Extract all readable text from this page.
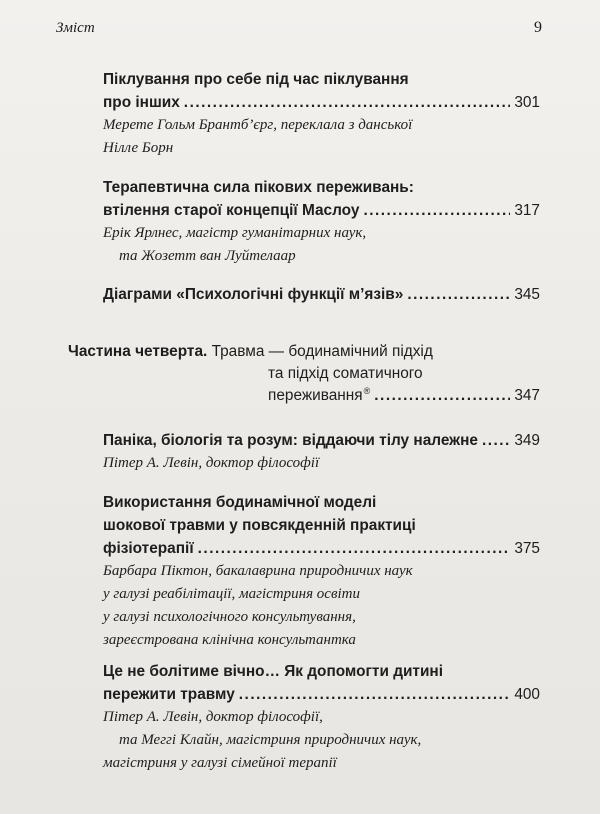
Зміст	9
Піклування про себе під час піклування
про інших .....	301
Мерете Гольм Брантб’єрг, переклала з данської
Нілле Борн
Терапевтична сила пікових переживань:
втілення старої концепції Маслоу .....	317
Ерік Ярлнес, магістр гуманітарних наук,
та Жозетт ван Луйтелаар
Діаграми «Психологічні функції м’язів» .....	345
Частина четверта. Травма — бодинамічний підхід
та підхід соматичного
переживання® .....	347
Паніка, біологія та розум: віддаючи тілу належне ..... 349
Пітер А. Левін, доктор філософії
Використання бодинамічної моделі
шокової травми у повсякденній практиці
фізіотерапії .....	375
Барбара Піктон, бакалаврина природничих наук
у галузі реабілітації, магістриня освіти
у галузі психологічного консультування,
зареєстрована клінічна консультантка
Це не болітиме вічно… Як допомогти дитині
пережити травму .....	400
Пітер А. Левін, доктор філософії,
та Меггі Клайн, магістриня природничих наук,
магістриня у галузі сімейної терапії
